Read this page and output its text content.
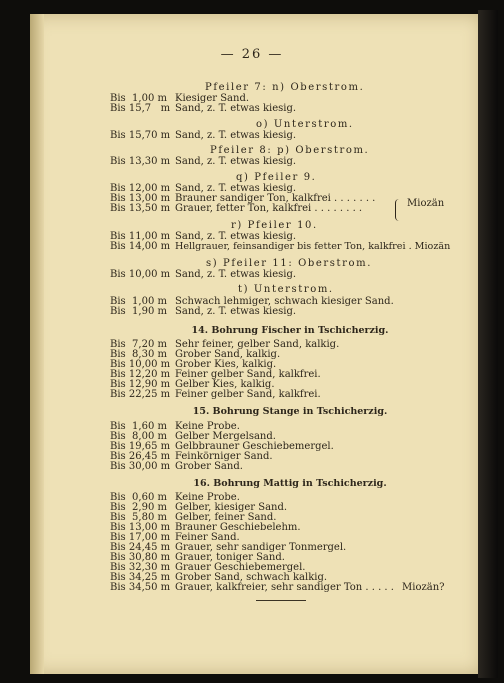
— 26 —
Pfeiler 7: n) Oberstrom.
Bis  1,00 m Kiesiger Sand.
Bis 15,7   m Sand, z. T. etwas kiesig.
o) Unterstrom.
Bis 15,70 m Sand, z. T. etwas kiesig.
Pfeiler 8: p) Oberstrom.
Bis 13,30 m Sand, z. T. etwas kiesig.
q) Pfeiler 9.
Bis 12,00 m Sand, z. T. etwas kiesig.
Bis 13,00 m Brauner sandiger Ton, kalkfrei . . . . . . .
Bis 13,50 m Grauer, fetter Ton, kalkfrei . . . . . . . .	Miozän
r) Pfeiler 10.
Bis 11,00 m Sand, z. T. etwas kiesig.
Bis 14,00 m Hellgrauer, feinsandiger bis fetter Ton, kalkfrei . Miozän
s) Pfeiler 11: Oberstrom.
Bis 10,00 m Sand, z. T. etwas kiesig.
t) Unterstrom.
Bis  1,00 m Schwach lehmiger, schwach kiesiger Sand.
Bis  1,90 m Sand, z. T. etwas kiesig.
14. Bohrung Fischer in Tschicherzig.
Bis  7,20 m Sehr feiner, gelber Sand, kalkig.
Bis  8,30 m Grober Sand, kalkig.
Bis 10,00 m Grober Kies, kalkig.
Bis 12,20 m Feiner gelber Sand, kalkfrei.
Bis 12,90 m Gelber Kies, kalkig.
Bis 22,25 m Feiner gelber Sand, kalkfrei.
15. Bohrung Stange in Tschicherzig.
Bis  1,60 m Keine Probe.
Bis  8,00 m Gelber Mergelsand.
Bis 19,65 m Gelbbrauner Geschiebemergel.
Bis 26,45 m Feinkörniger Sand.
Bis 30,00 m Grober Sand.
16. Bohrung Mattig in Tschicherzig.
Bis  0,60 m Keine Probe.
Bis  2,90 m Gelber, kiesiger Sand.
Bis  5,80 m Gelber, feiner Sand.
Bis 13,00 m Brauner Geschiebelehm.
Bis 17,00 m Feiner Sand.
Bis 24,45 m Grauer, sehr sandiger Tonmergel.
Bis 30,80 m Grauer, toniger Sand.
Bis 32,30 m Grauer Geschiebemergel.
Bis 34,25 m Grober Sand, schwach kalkig.
Bis 34,50 m Grauer, kalkfreier, sehr sandiger Ton . . . . . Miozän?
